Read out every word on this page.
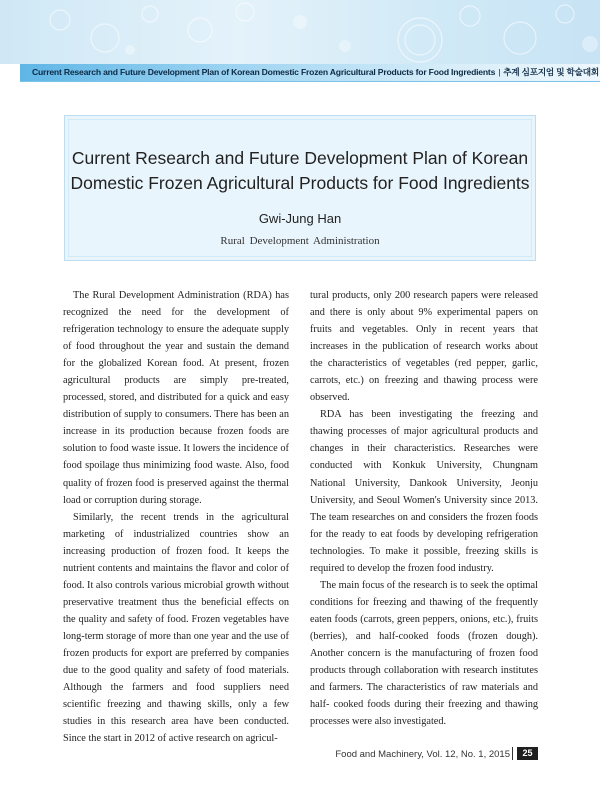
Current Research and Future Development Plan of Korean Domestic Frozen Agricultural Products for Food Ingredients | 추계 심포지엄 및 학술대회
Current Research and Future Development Plan of Korean
Domestic Frozen Agricultural Products for Food Ingredients
Gwi-Jung Han
Rural Development Administration

The Rural Development Administration (RDA) has recognized the need for the development of refrigeration technology to ensure the adequate supply of food throughout the year and sustain the demand for the globalized Korean food. At present, frozen agricultural products are simply pre-treated, processed, stored, and distributed for a quick and easy distribution of supply to consumers. There has been an increase in its production because frozen foods are solution to food waste issue. It lowers the incidence of food spoilage thus minimizing food waste. Also, food quality of frozen food is preserved against the thermal load or corruption during storage.

Similarly, the recent trends in the agricultural marketing of industrialized countries show an increasing production of frozen food. It keeps the nutrient contents and maintains the flavor and color of food. It also controls various microbial growth without preservative treatment thus the beneficial effects on the quality and safety of food. Frozen vegetables have long-term storage of more than one year and the use of frozen products for export are preferred by companies due to the good quality and safety of food materials. Although the farmers and food suppliers need scientific freezing and thawing skills, only a few studies in this research area have been conducted. Since the start in 2012 of active research on agricul-

tural products, only 200 research papers were released and there is only about 9% experimental papers on fruits and vegetables. Only in recent years that increases in the publication of research works about the characteristics of vegetables (red pepper, garlic, carrots, etc.) on freezing and thawing process were observed.

RDA has been investigating the freezing and thawing processes of major agricultural products and changes in their characteristics. Researches were conducted with Konkuk University, Chungnam National University, Dankook University, Jeonju University, and Seoul Women's University since 2013. The team researches on and considers the frozen foods for the ready to eat foods by developing refrigeration technologies. To make it possible, freezing skills is required to develop the frozen food industry.

The main focus of the research is to seek the optimal conditions for freezing and thawing of the frequently eaten foods (carrots, green peppers, onions, etc.), fruits (berries), and half-cooked foods (frozen dough). Another concern is the manufacturing of frozen food products through collaboration with research institutes and farmers. The characteristics of raw materials and half- cooked foods during their freezing and thawing processes were also investigated.

Food and Machinery, Vol. 12, No. 1, 2015	25
